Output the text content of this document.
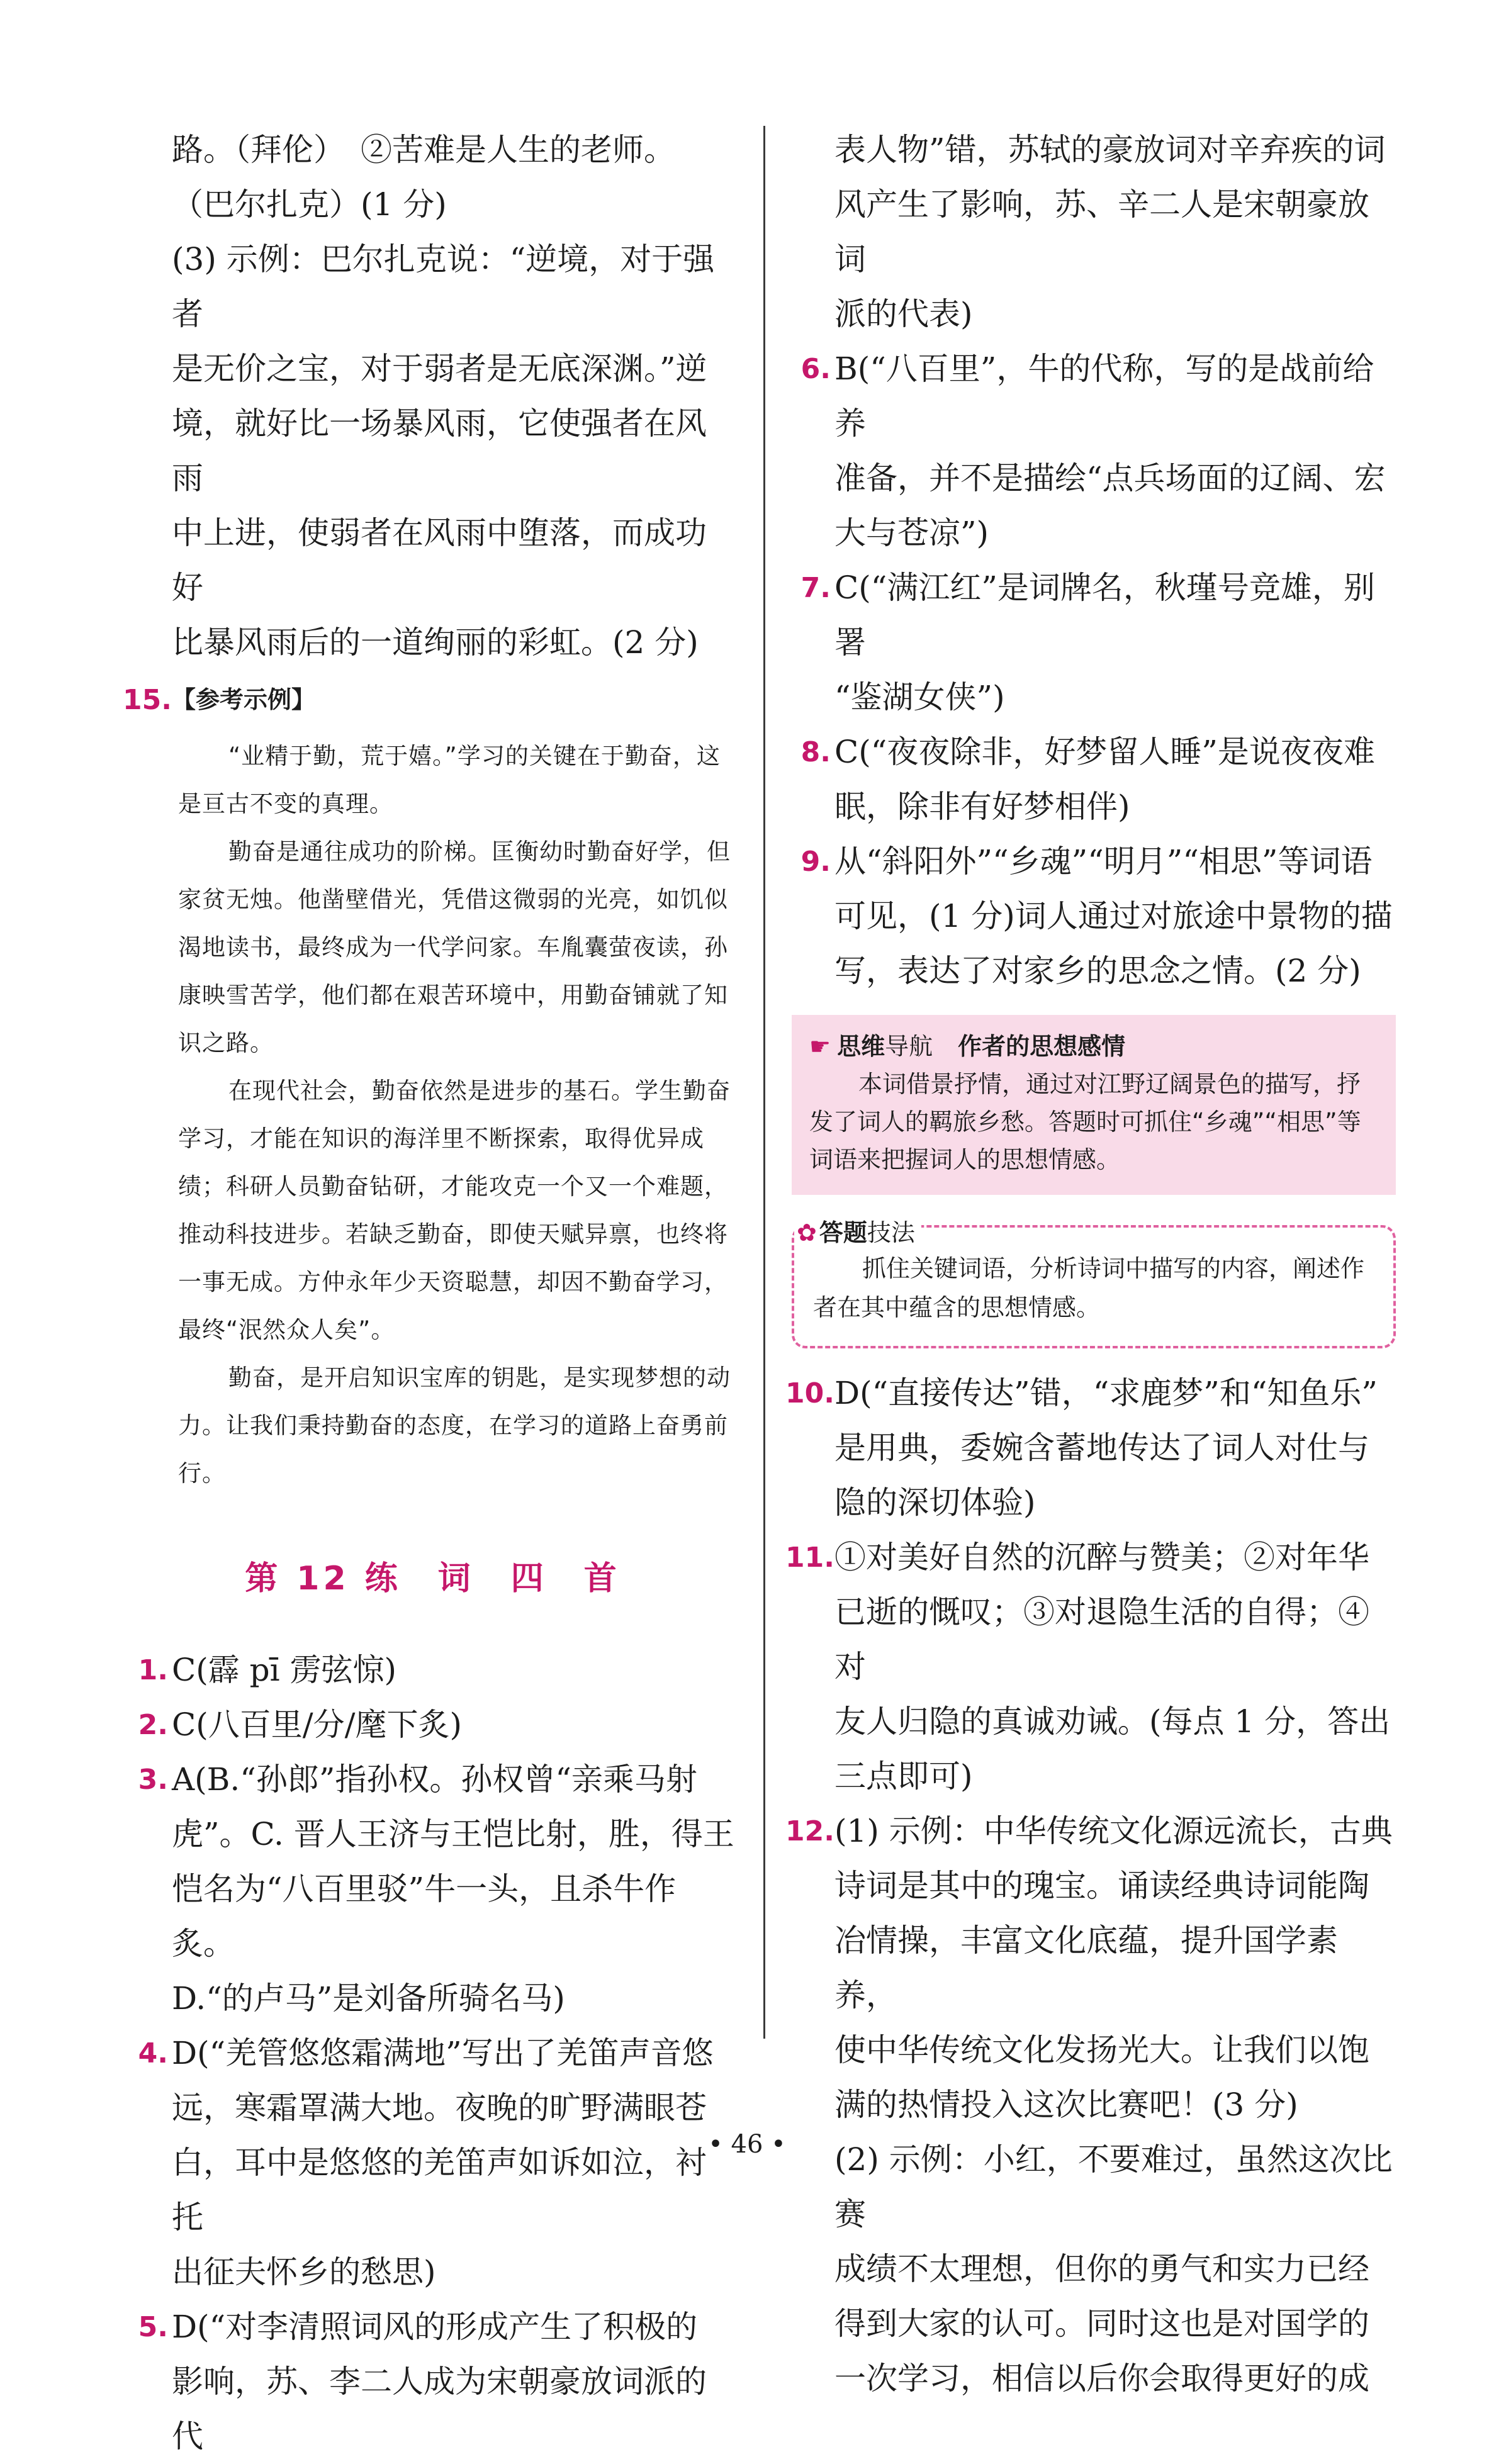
路。（拜伦）　②苦难是人生的老师。

（巴尔扎克）(1 分)

(3) 示例：巴尔扎克说：“逆境，对于强者

是无价之宝，对于弱者是无底深渊。”逆

境，就好比一场暴风雨，它使强者在风雨

中上进，使弱者在风雨中堕落，而成功好

比暴风雨后的一道绚丽的彩虹。(2 分)

15. 【参考示例】

“业精于勤，荒于嬉。”学习的关键在于勤奋，这是亘古不变的真理。

勤奋是通往成功的阶梯。匡衡幼时勤奋好学，但家贫无烛。他凿壁借光，凭借这微弱的光亮，如饥似渴地读书，最终成为一代学问家。车胤囊萤夜读，孙康映雪苦学，他们都在艰苦环境中，用勤奋铺就了知识之路。

在现代社会，勤奋依然是进步的基石。学生勤奋学习，才能在知识的海洋里不断探索，取得优异成绩；科研人员勤奋钻研，才能攻克一个又一个难题，推动科技进步。若缺乏勤奋，即使天赋异禀，也终将一事无成。方仲永年少天资聪慧，却因不勤奋学习，最终“泯然众人矣”。

勤奋，是开启知识宝库的钥匙，是实现梦想的动力。让我们秉持勤奋的态度，在学习的道路上奋勇前行。

第 12 练　词　四　首
1. C(霹 pī 雳弦惊)

2. C(八百里/分/麾下炙)

3. A(B.“孙郎”指孙权。孙权曾“亲乘马射

虎”。C. 晋人王济与王恺比射，胜，得王

恺名为“八百里驳”牛一头，且杀牛作炙。

D.“的卢马”是刘备所骑名马)

4. D(“羌管悠悠霜满地”写出了羌笛声音悠

远，寒霜罩满大地。夜晚的旷野满眼苍

白，耳中是悠悠的羌笛声如诉如泣，衬托

出征夫怀乡的愁思)

5. D(“对李清照词风的形成产生了积极的

影响，苏、李二人成为宋朝豪放词派的代

表人物”错，苏轼的豪放词对辛弃疾的词

风产生了影响，苏、辛二人是宋朝豪放词

派的代表)

6. B(“八百里”，牛的代称，写的是战前给养

准备，并不是描绘“点兵场面的辽阔、宏

大与苍凉”)

7. C(“满江红”是词牌名，秋瑾号竞雄，别署

“鉴湖女侠”)

8. C(“夜夜除非，好梦留人睡”是说夜夜难

眠，除非有好梦相伴)

9. 从“斜阳外”“乡魂”“明月”“相思”等词语

可见，(1 分)词人通过对旅途中景物的描

写，表达了对家乡的思念之情。(2 分)

☛ 思维导航 作者的思想感情
本词借景抒情，通过对江野辽阔景色的描写，抒发了词人的羁旅乡愁。答题时可抓住“乡魂”“相思”等词语来把握词人的思想情感。
✿ 答题技法
抓住关键词语，分析诗词中描写的内容，阐述作者在其中蕴含的思想情感。
10. D(“直接传达”错，“求鹿梦”和“知鱼乐”

是用典，委婉含蓄地传达了词人对仕与

隐的深切体验)

11. ①对美好自然的沉醉与赞美；②对年华

已逝的慨叹；③对退隐生活的自得；④对

友人归隐的真诚劝诫。(每点 1 分，答出

三点即可)

12. (1) 示例：中华传统文化源远流长，古典

诗词是其中的瑰宝。诵读经典诗词能陶

冶情操，丰富文化底蕴，提升国学素养，

使中华传统文化发扬光大。让我们以饱

满的热情投入这次比赛吧！(3 分)

(2) 示例：小红，不要难过，虽然这次比赛

成绩不太理想，但你的勇气和实力已经

得到大家的认可。同时这也是对国学的

一次学习，相信以后你会取得更好的成

• 46 •
